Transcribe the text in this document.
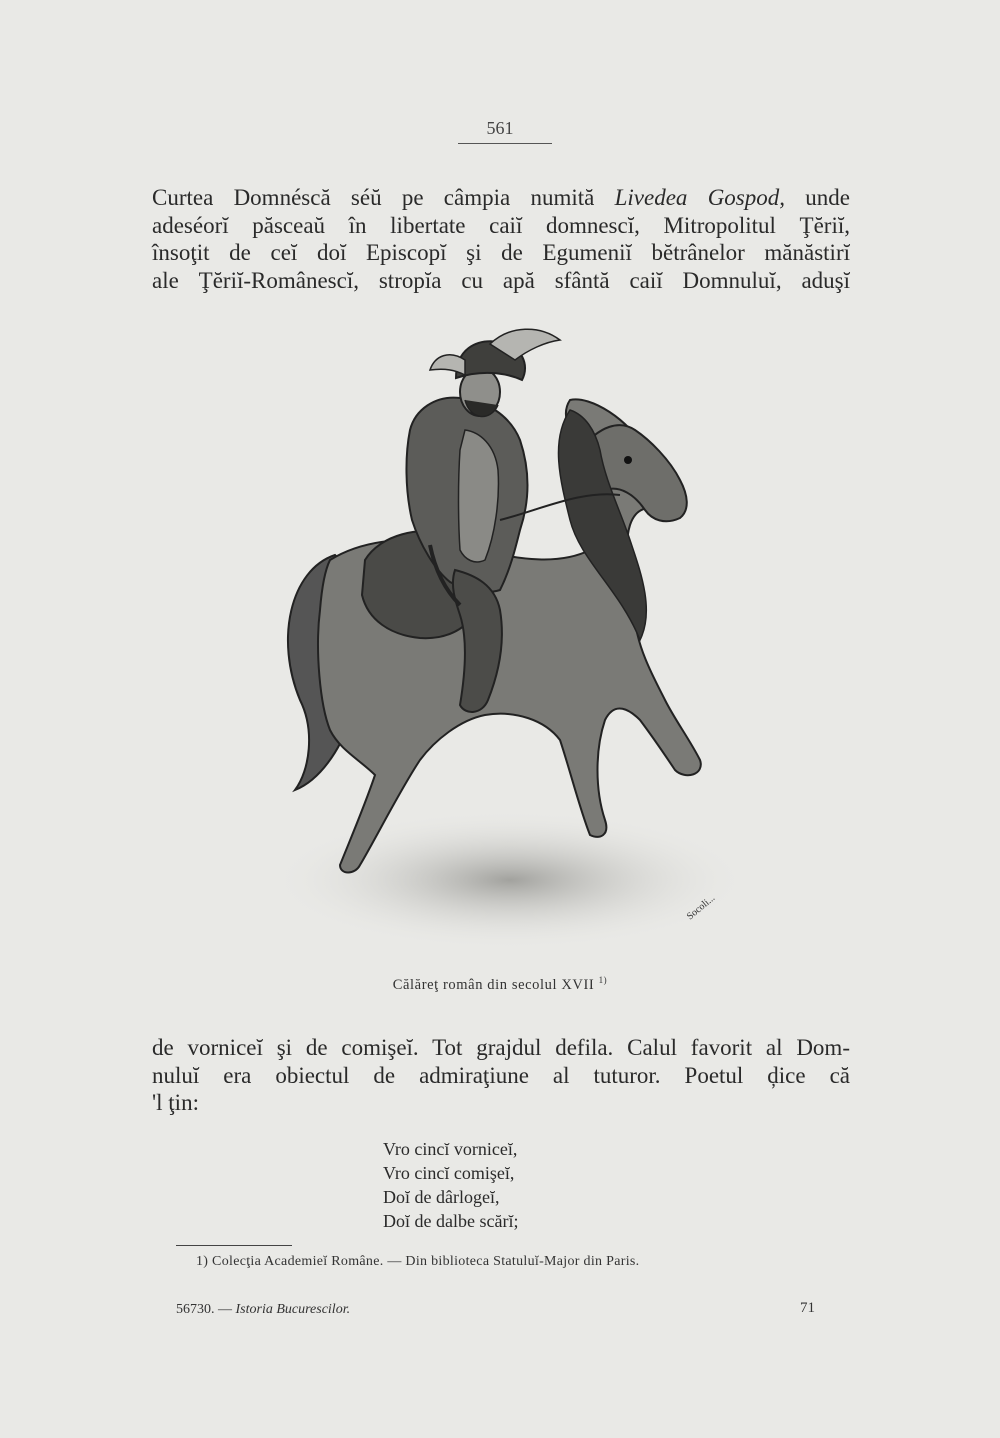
561
Curtea Domnéscă séŭ pe câmpia numită Livedea Gospod, unde
adeséorĭ păsceaŭ în libertate caiĭ domnescĭ, Mitropolitul Ţĕriĭ,
însoţit de ceĭ doĭ Episcopĭ şi de Egumeniĭ bĕtrânelor mănăstirĭ
ale Ţĕriĭ-Românescĭ, stropĭa cu apă sfântă caiĭ Domnuluĭ, aduşĭ
Socoli...
Călăreţ român din secolul XVII $^{1)}$
de vorniceĭ şi de comişeĭ. Tot grajdul defila. Calul favorit al Dom-
nuluĭ era obiectul de admiraţiune al tuturor. Poetul ḑice că
'l ţin:
Vro cincĭ vorniceĭ,
Vro cincĭ comişeĭ,
Doĭ de dârlogeĭ,
Doĭ de dalbe scărĭ;
1) Colecţia Academieĭ Române. — Din biblioteca Statuluĭ-Major din Paris.
56730. — Istoria Bucurescilor.	71
